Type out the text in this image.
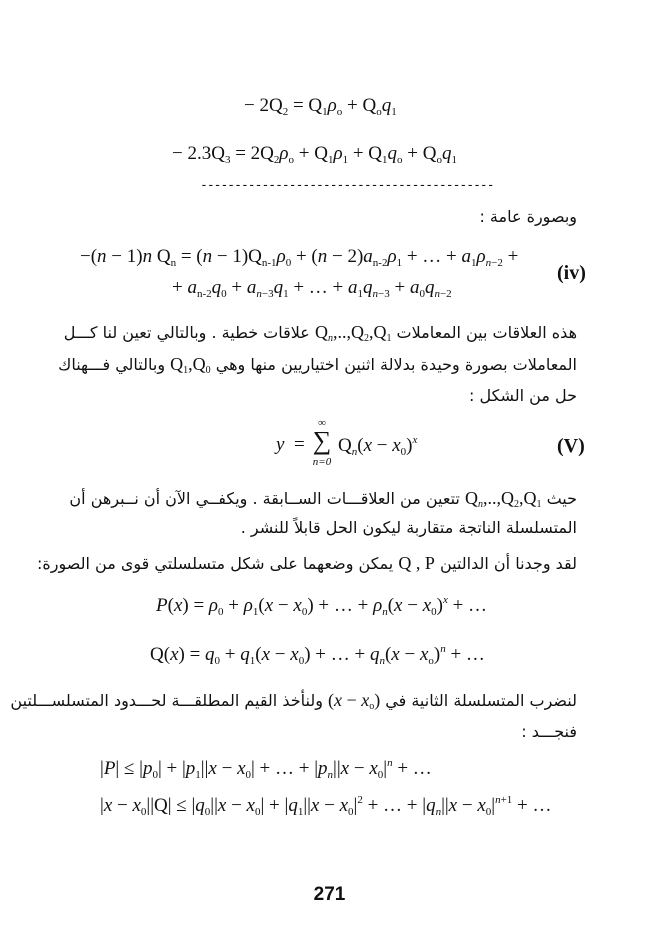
− $2Q_2 = Q_1\rho_o + Q_oq_1$
− $2.3Q_3 = 2Q_2\rho_o + Q_1\rho_1 + Q_1q_o + Q_oq_1$
-------------------------------------------
وبصورة عامة :
−(n − 1)n $Q_n = (n - 1)Q_{n-1}\rho_0 + (n - 2)a_{n-2}\rho_1$ + … + $a_1\rho_{n-2}$ +
+ $a_{n-2}q_0 + a_{n-3}q_1$ + … + $a_1q_{n-3} + a_0q_{n-2}$
(iv)
هذه العلاقات بين المعاملات $Q_n,..,Q_2,Q_1$ علاقات خطية . وبالتالي تعين لنا كـــل
المعاملات بصورة وحيدة بدلالة اثنين اختياريين منها وهي $Q_1,Q_0$ وبالتالي فـــهناك
حل من الشكل :
y =
∞
∑
n=0
$Q_n(x - x_0)^x$	(V)
حيث $Q_n,..,Q_2,Q_1$ تتعين من العلاقـــات الســابقة . ويكفــي الآن أن نــبرهن أن
المتسلسلة الناتجة متقاربة ليكون الحل قابلاً للنشر .
لقد وجدنا أن الدالتين Q , P يمكن وضعهما على شكل متسلسلتي قوى من الصورة:
$P(x) = \rho_0 + \rho_1(x - x_0)$ + … + $\rho_n(x - x_0)^x$ + …
$Q(x) = q_0 + q_1(x - x_0)$ + … + $q_n(x - x_o)^n$ + …
لنضرب المتسلسلة الثانية في $(x - x_o)$ ولنأخذ القيم المطلقـــة لحـــدود المتسلســـلتين
فنجـــد :
$|P| \le |p_0| + |p_1||x - x_0|$ + … + $|p_n||x - x_0|^n$ + …
$|x - x_0||Q| \le |q_0||x - x_0| + |q_1||x - x_0|^2$ + … + $|q_n||x - x_0|^{n+1}$ + …
271
